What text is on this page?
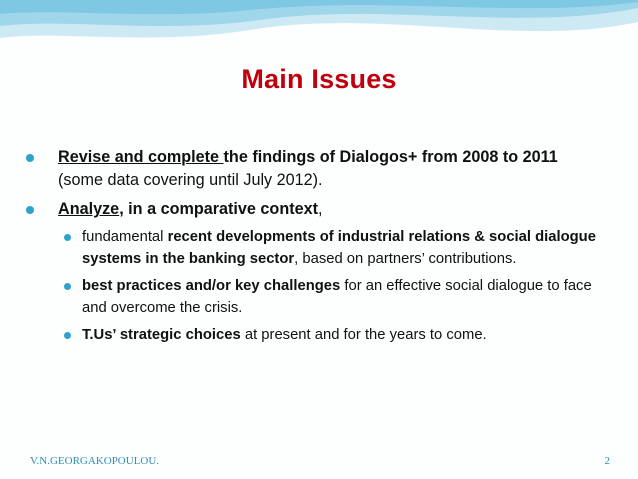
Main Issues
Revise and complete the findings of Dialogos+ from 2008 to 2011 (some data covering until July 2012).
Analyze, in a comparative context,
fundamental recent developments of industrial relations & social dialogue systems in the banking sector, based on partners’ contributions.
best practices and/or key challenges for an effective social dialogue to face and overcome the crisis.
T.Us’ strategic choices at present and for the years to come.
V.N.GEORGAKOPOULOU.	2
